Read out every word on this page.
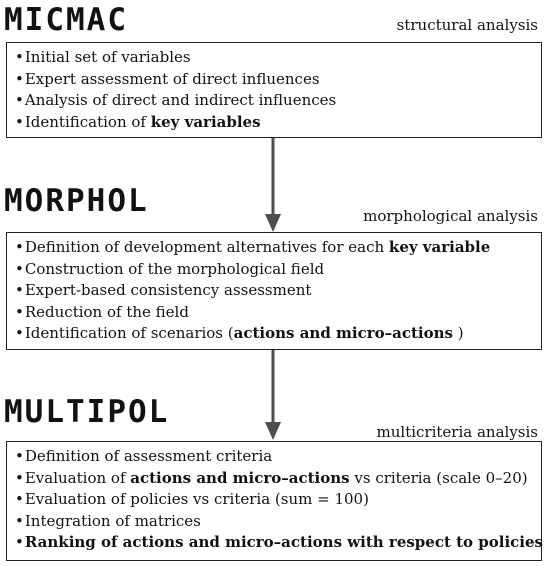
MICMAC	structural analysis
•Initial set of variables
•Expert assessment of direct influences
•Analysis of direct and indirect influences
•Identification of key variables
MORPHOL	morphological analysis
•Definition of development alternatives for each key variable
•Construction of the morphological field
•Expert-based consistency assessment
•Reduction of the field
•Identification of scenarios (actions and micro–actions )
MULTIPOL
multicriteria analysis
•Definition of assessment criteria
•Evaluation of actions and micro–actions vs criteria (scale 0–20)
•Evaluation of policies vs criteria (sum = 100)
•Integration of matrices
•Ranking of actions and micro–actions with respect to policies
